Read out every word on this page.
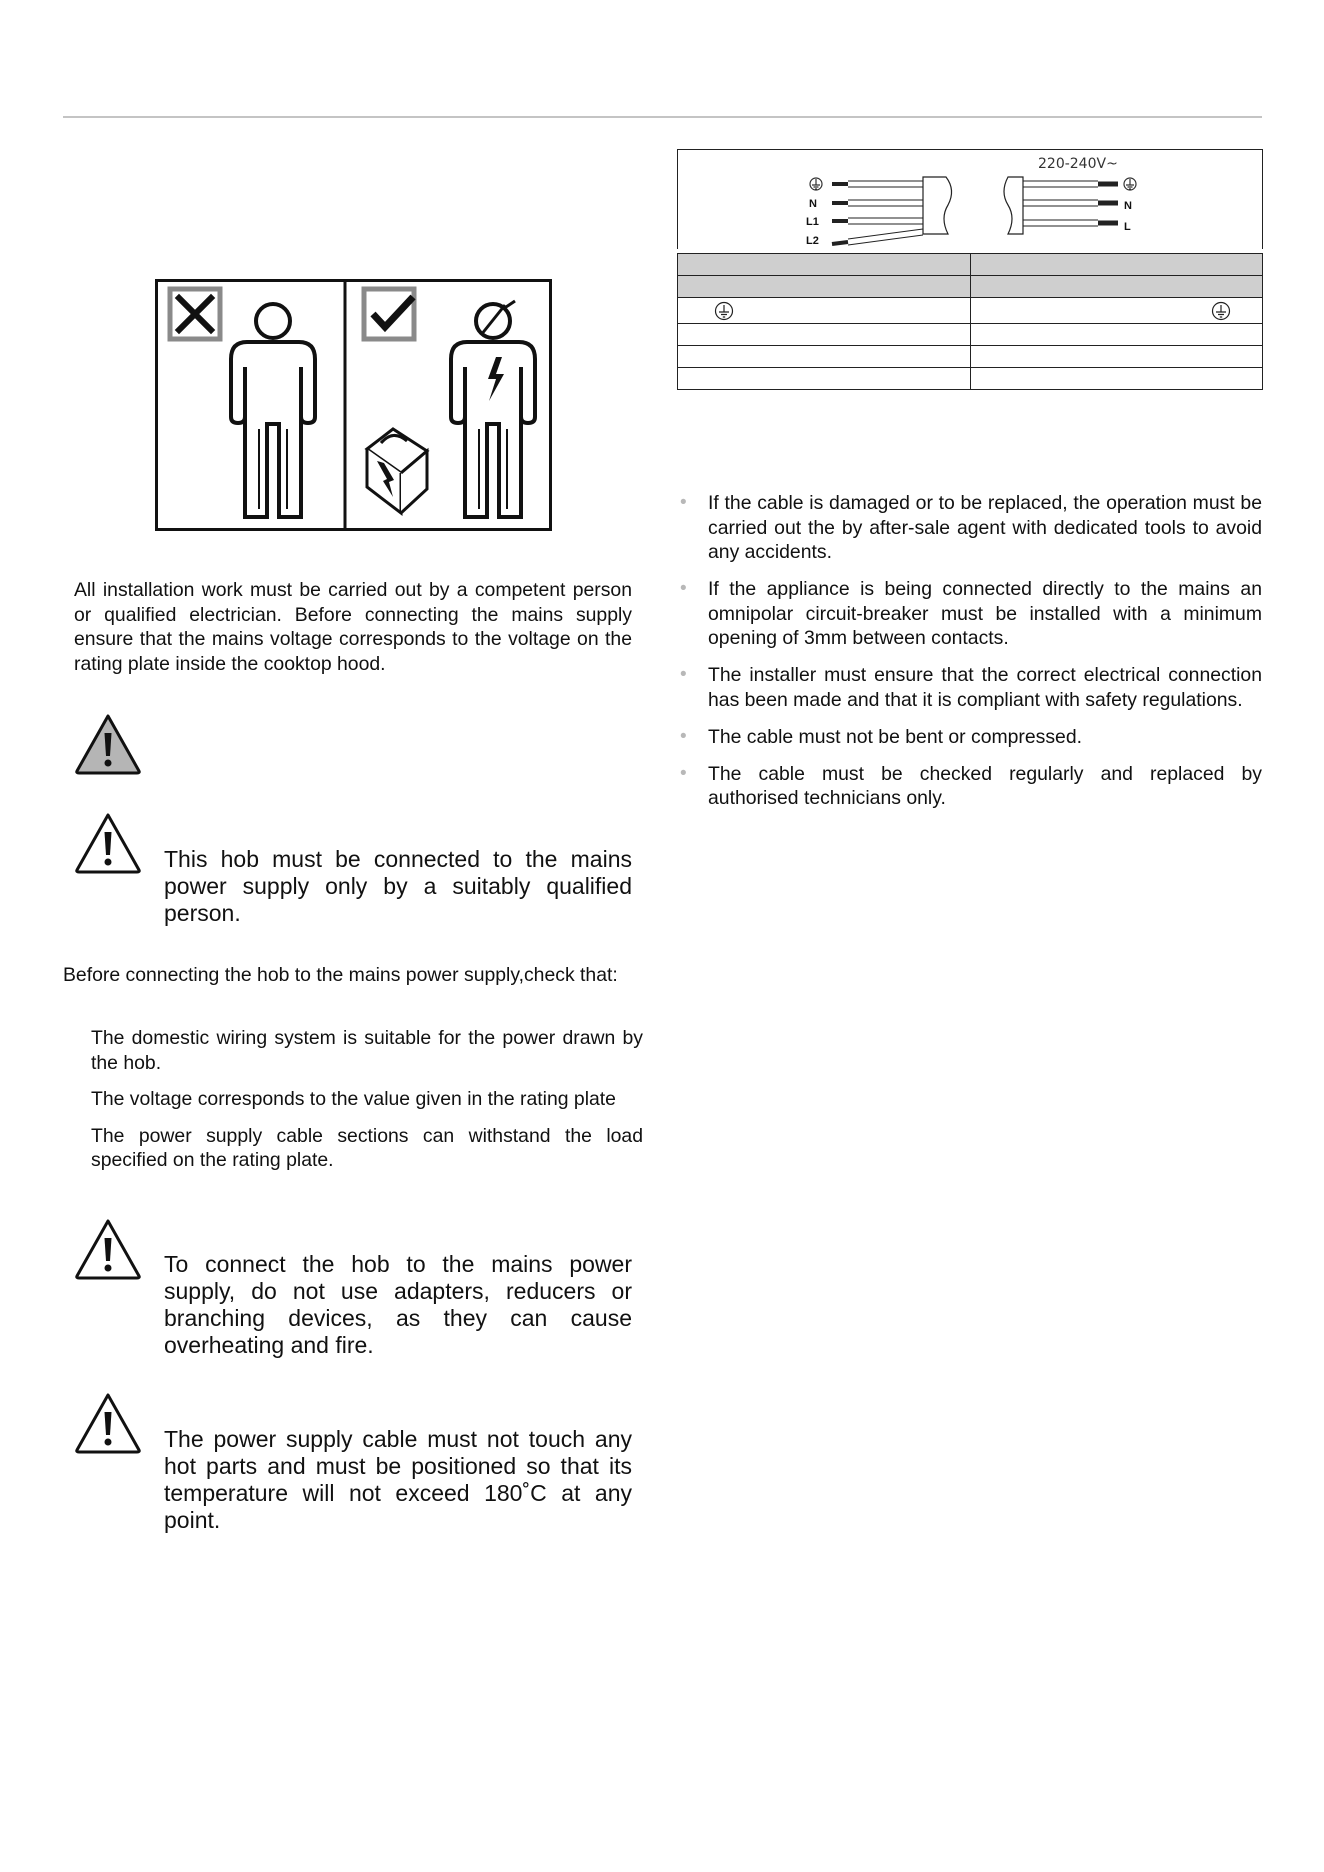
All installation work must be carried out by a competent person or qualified electrician. Before connecting the mains supply ensure that the mains voltage corresponds to the voltage on the rating plate inside the cooktop hood.

This hob must be connected to the mains power supply only by a suitably qualified person.

Before connecting the hob to the mains power supply,check that:

The domestic wiring system is suitable for the power drawn by the hob.
The voltage corresponds to the value given in the rating plate
The power supply cable sections can withstand the load specified on the rating plate.

To connect the hob to the mains power supply, do not use adapters, reducers or branching devices, as they can cause overheating and fire.

The power supply cable must not touch any hot parts and must be positioned so that its temperature will not exceed 180˚C at any point.

220-240V~
N
L1
L2
N
L

• If the cable is damaged or to be replaced, the operation must be carried out the by after-sale agent with dedicated tools to avoid any accidents.
• If the appliance is being connected directly to the mains an omnipolar circuit-breaker must be installed with a minimum opening of 3mm between contacts.
• The installer must ensure that the correct electrical connection has been made and that it is compliant with safety regulations.
• The cable must not be bent or compressed.
• The cable must be checked regularly and replaced by authorised technicians only.
